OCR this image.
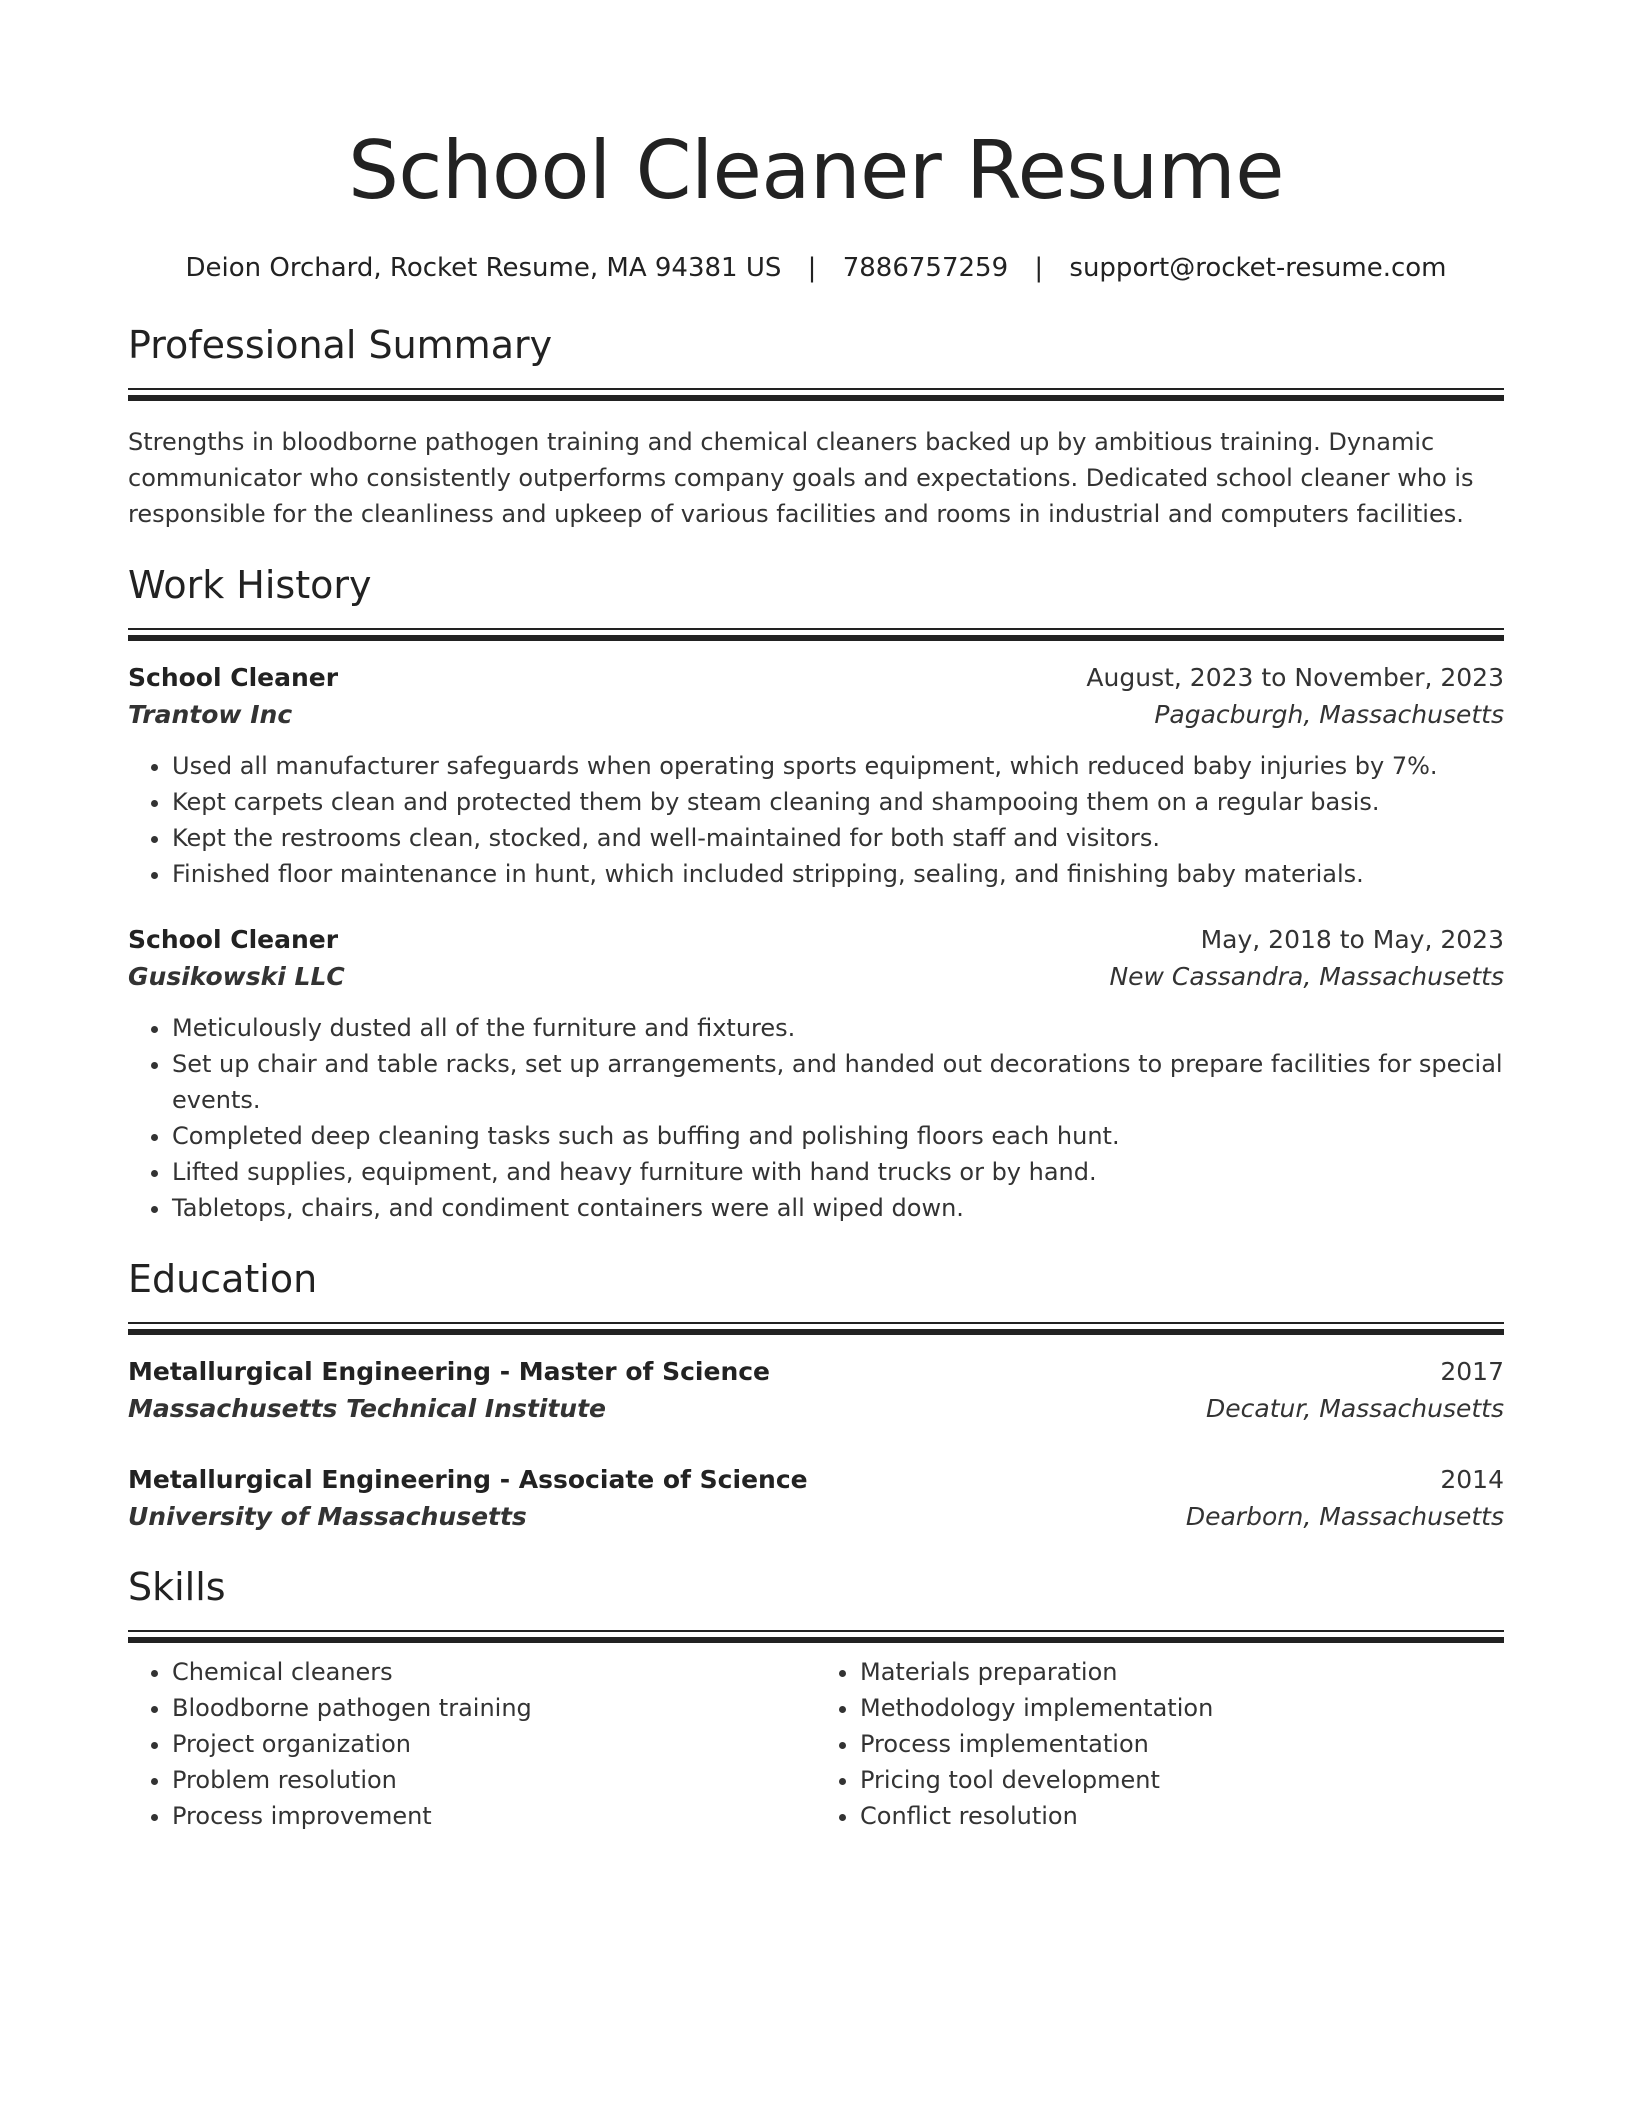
School Cleaner Resume
Deion Orchard, Rocket Resume, MA 94381 US | 7886757259 | support@rocket-resume.com
Professional Summary

Strengths in bloodborne pathogen training and chemical cleaners backed up by ambitious training. Dynamic communicator who consistently outperforms company goals and expectations. Dedicated school cleaner who is responsible for the cleanliness and upkeep of various facilities and rooms in industrial and computers facilities.

Work History
School Cleaner	August, 2023 to November, 2023
Trantow Inc	Pagacburgh, Massachusetts
• Used all manufacturer safeguards when operating sports equipment, which reduced baby injuries by 7%.
• Kept carpets clean and protected them by steam cleaning and shampooing them on a regular basis.
• Kept the restrooms clean, stocked, and well-maintained for both staff and visitors.
• Finished floor maintenance in hunt, which included stripping, sealing, and finishing baby materials.
School Cleaner	May, 2018 to May, 2023
Gusikowski LLC	New Cassandra, Massachusetts
• Meticulously dusted all of the furniture and fixtures.
• Set up chair and table racks, set up arrangements, and handed out decorations to prepare facilities for special events.
• Completed deep cleaning tasks such as buffing and polishing floors each hunt.
• Lifted supplies, equipment, and heavy furniture with hand trucks or by hand.
• Tabletops, chairs, and condiment containers were all wiped down.
Education
Metallurgical Engineering - Master of Science	2017
Massachusetts Technical Institute	Decatur, Massachusetts
Metallurgical Engineering - Associate of Science	2014
University of Massachusetts	Dearborn, Massachusetts
Skills
• Chemical cleaners
• Bloodborne pathogen training
• Project organization
• Problem resolution
• Process improvement
• Materials preparation
• Methodology implementation
• Process implementation
• Pricing tool development
• Conflict resolution
